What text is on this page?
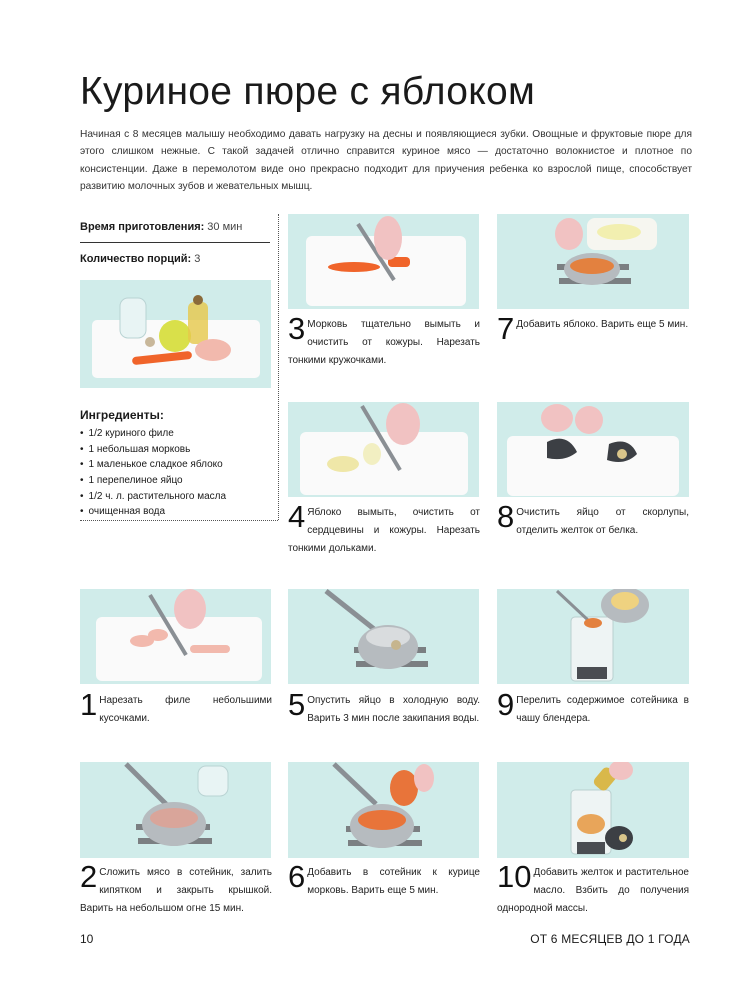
Куриное пюре с яблоком

Начиная с 8 месяцев малышу необходимо давать нагрузку на десны и появляющиеся зубки. Овощные и фруктовые пюре для этого слишком нежные. С такой задачей отлично справится куриное мясо — достаточно волокнистое и плотное по консистенции. Даже в перемолотом виде оно прекрасно подходит для приучения ребенка ко взрослой пище, способствует развитию молочных зубов и жевательных мышц.

Время приготовления: 30 мин
Количество порций: 3
Ингредиенты:
• 1/2 куриного филе
• 1 небольшая морковь
• 1 маленькое сладкое яблоко
• 1 перепелиное яйцо
• 1/2 ч. л. растительного масла
• очищенная вода
3 Морковь тщательно вымыть и очистить от кожуры. Нарезать тонкими кружочками.
4 Яблоко вымыть, очистить от сердцевины и кожуры. Нарезать тонкими дольками.
7 Добавить яблоко. Варить еще 5 мин.
8 Очистить яйцо от скорлупы, отделить желток от белка.
1 Нарезать филе небольшими кусочками.	5 Опустить яйцо в холодную воду. Варить 3 мин после закипания воды. 9 Перелить содержимое сотейника в чашу блендера.
2 Сложить мясо в сотейник, залить кипятком и закрыть крышкой. Варить на небольшом огне 15 мин.
6 Добавить в сотейник к курице морковь. Варить еще 5 мин.	10 Добавить желток и растительное масло. Взбить до получения однородной массы.
10	ОТ 6 МЕСЯЦЕВ ДО 1 ГОДА
